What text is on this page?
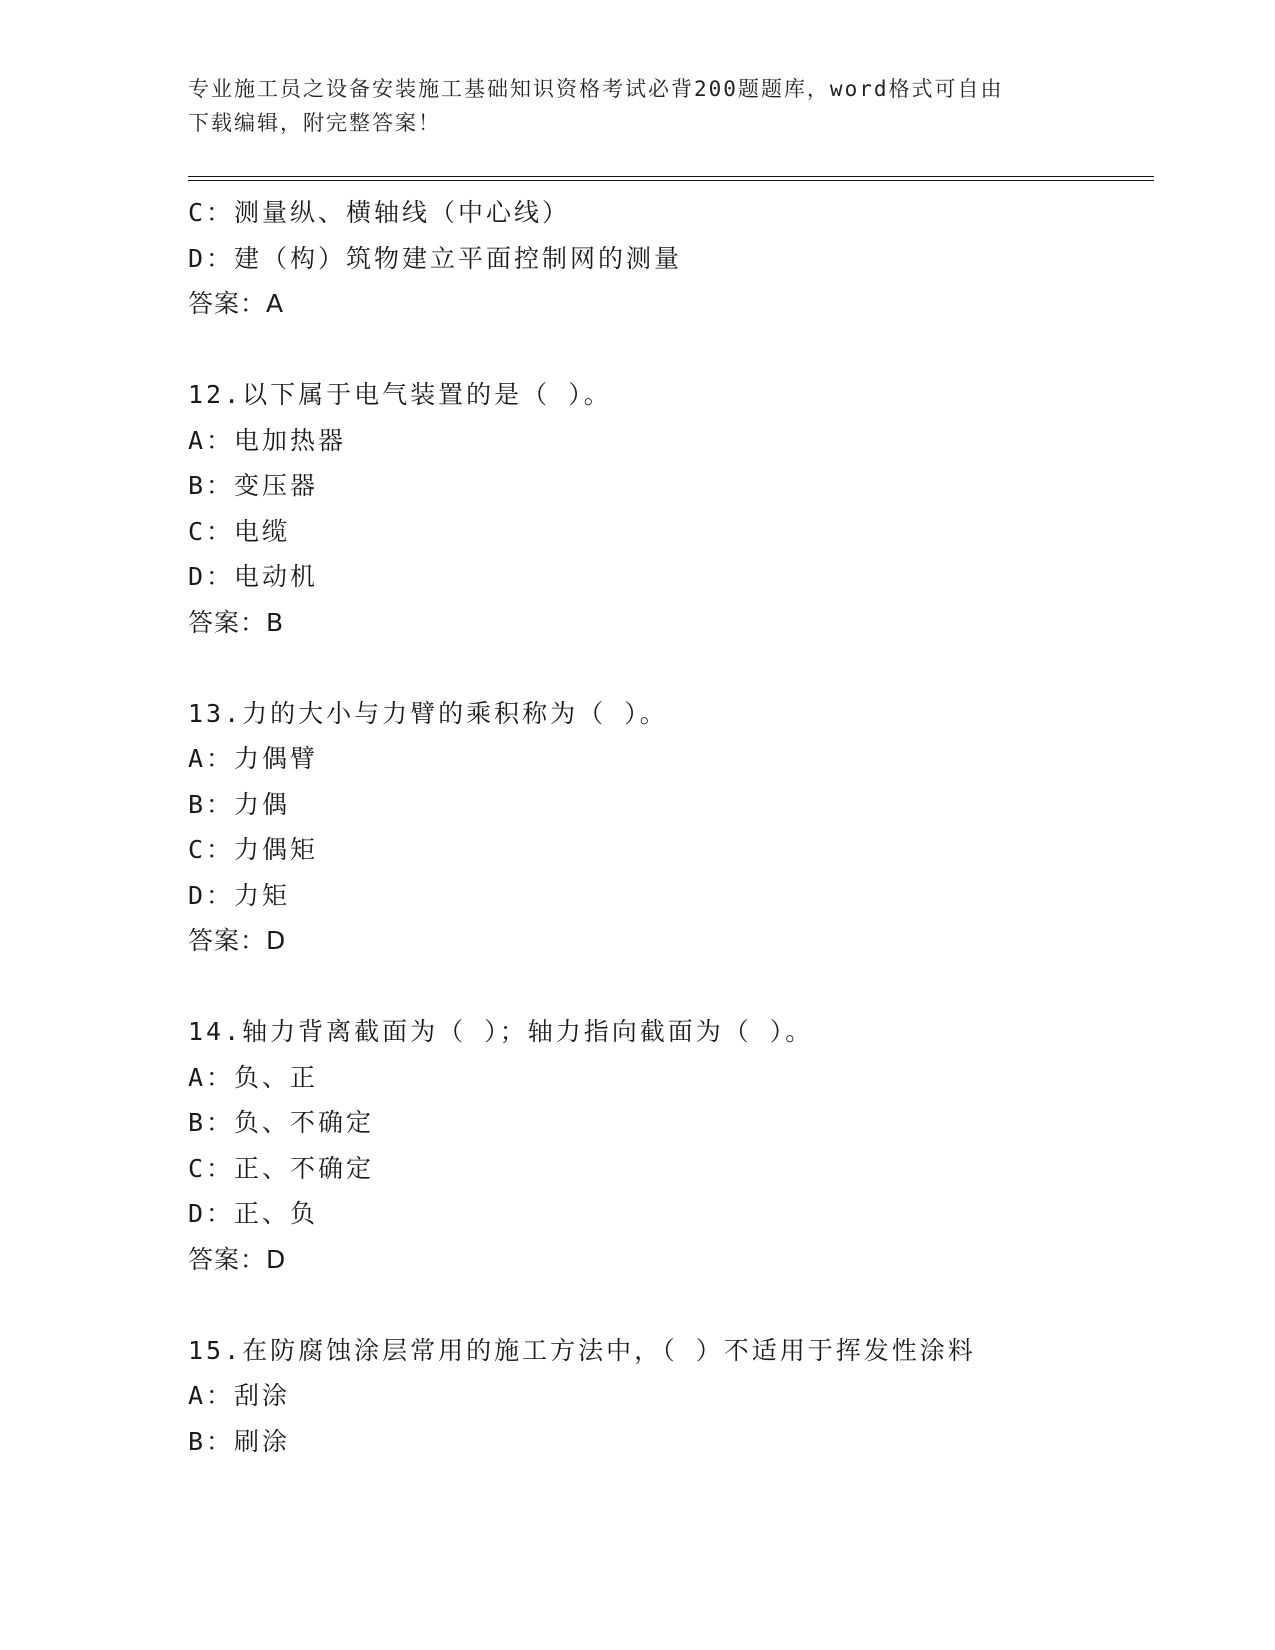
专业施工员之设备安装施工基础知识资格考试必背200题题库，word格式可自由
下载编辑，附完整答案！
C：测量纵、横轴线（中心线）
D：建（构）筑物建立平面控制网的测量
答案：A
12.以下属于电气装置的是（ ）。
A：电加热器
B：变压器
C：电缆
D：电动机
答案：B
13.力的大小与力臂的乘积称为（ ）。
A：力偶臂
B：力偶
C：力偶矩
D：力矩
答案：D
14.轴力背离截面为（ ）；轴力指向截面为（ ）。
A：负、正
B：负、不确定
C：正、不确定
D：正、负
答案：D
15.在防腐蚀涂层常用的施工方法中，（ ）不适用于挥发性涂料
A：刮涂
B：刷涂
